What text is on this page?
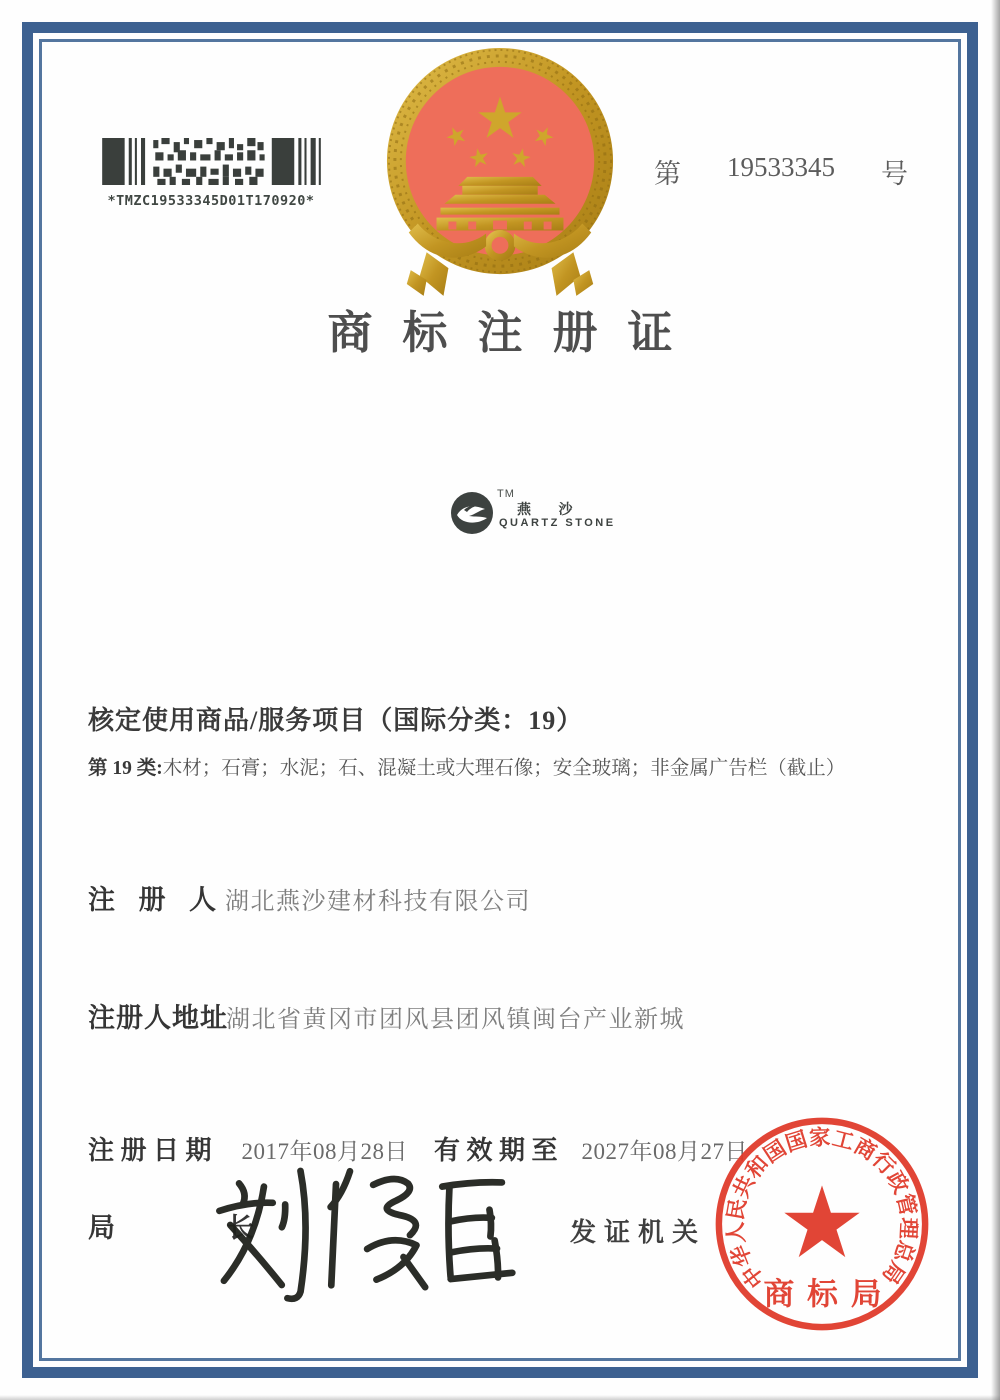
*TMZC19533345D01T170920*
第 19533345 号
商标注册证
TM
燕 沙
QUARTZ STONE
核定使用商品/服务项目（国际分类：19）
第 19 类:木材；石膏；水泥；石、混凝土或大理石像；安全玻璃；非金属广告栏（截止）
注 册 人 湖北燕沙建材科技有限公司
注册人地址
湖北省黄冈市团风县团风镇闽台产业新城
注 册 日 期 2017年08月28日 有 效 期 至 2027年08月27日
局	长	发证机关
中华人民共和国国家工商行政管理总局
商标局
